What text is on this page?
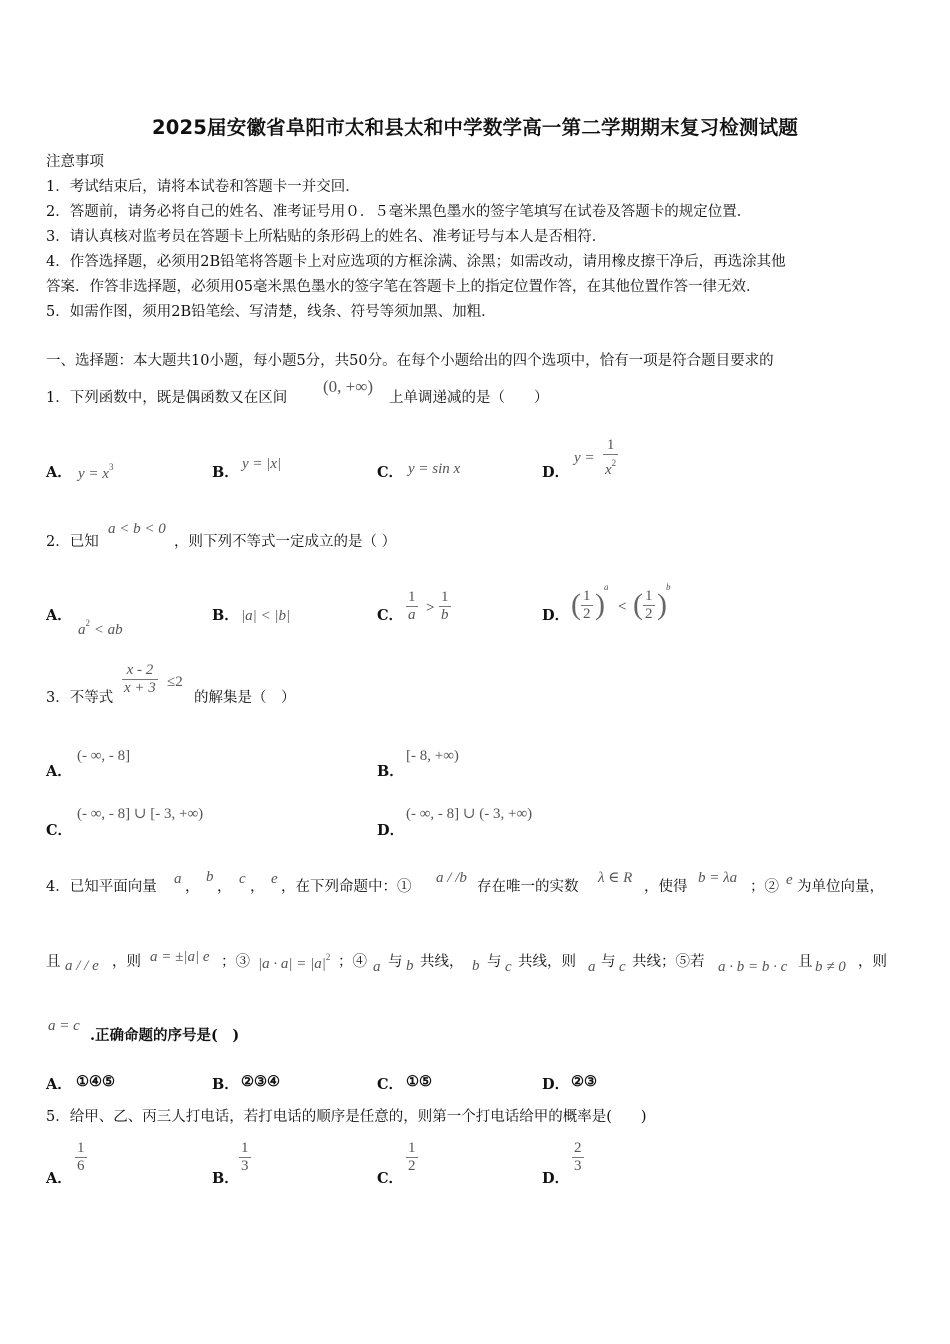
2025届安徽省阜阳市太和县太和中学数学高一第二学期期末复习检测试题
注意事项
1．考试结束后，请将本试卷和答题卡一并交回．
2．答题前，请务必将自己的姓名、准考证号用０．５毫米黑色墨水的签字笔填写在试卷及答题卡的规定位置．
3．请认真核对监考员在答题卡上所粘贴的条形码上的姓名、准考证号与本人是否相符．
4．作答选择题，必须用2B铅笔将答题卡上对应选项的方框涂满、涂黑；如需改动，请用橡皮擦干净后，再选涂其他
答案．作答非选择题，必须用05毫米黑色墨水的签字笔在答题卡上的指定位置作答，在其他位置作答一律无效．
5．如需作图，须用2B铅笔绘、写清楚，线条、符号等须加黑、加粗．
一、选择题：本大题共10小题，每小题5分，共50分。在每个小题给出的四个选项中，恰有一项是符合题目要求的
1．下列函数中，既是偶函数又在区间
(0, +∞)
上单调递减的是（　　）
A． $y = x^3$	B． y = |x|	C． y = sin x	D．
$y = \frac{1}{x^2}$
2．已知
a < b < 0
，则下列不等式一定成立的是（ ）
A．
$a^2$ < ab
B． |a| < |b|	C． $\frac{1}{a} > \frac{1}{b}$	D． ( $\frac{1}{2}$ )
a
< ( $\frac{1}{2}$ )
b
3．不等式
$\frac{x - 2}{x + 3} \le 2$
的解集是（　）
A．
(- ∞, - 8]
B．
[- 8, +∞)
C．
(- ∞, - 8] ∪ [- 3, +∞)
D．
(- ∞, - 8] ∪ (- 3, +∞)
4．已知平面向量 a ，
b
， c ， e ，在下列命题中：①
a / /b
存在唯一的实数
λ ∈ R
，使得
b = λa
；② e 为单位向量，
且 a / / e ，则 a = ±|a| e ；③ $|a \cdot a| = |a|^2$ ；④ a 与 b 共线， b 与 c 共线，则 a 与 c 共线；⑤若 a · b = b · c 且 b ≠ 0 ，则
a = c
.正确命题的序号是(　)
A． ①④⑤	B． ②③④	C． ①⑤	D． ②③
5．给甲、乙、丙三人打电话，若打电话的顺序是任意的，则第一个打电话给甲的概率是(　　)
A．
$\frac{1}{6}$
B．
$\frac{1}{3}$
C．
$\frac{1}{2}$
D．
$\frac{2}{3}$
